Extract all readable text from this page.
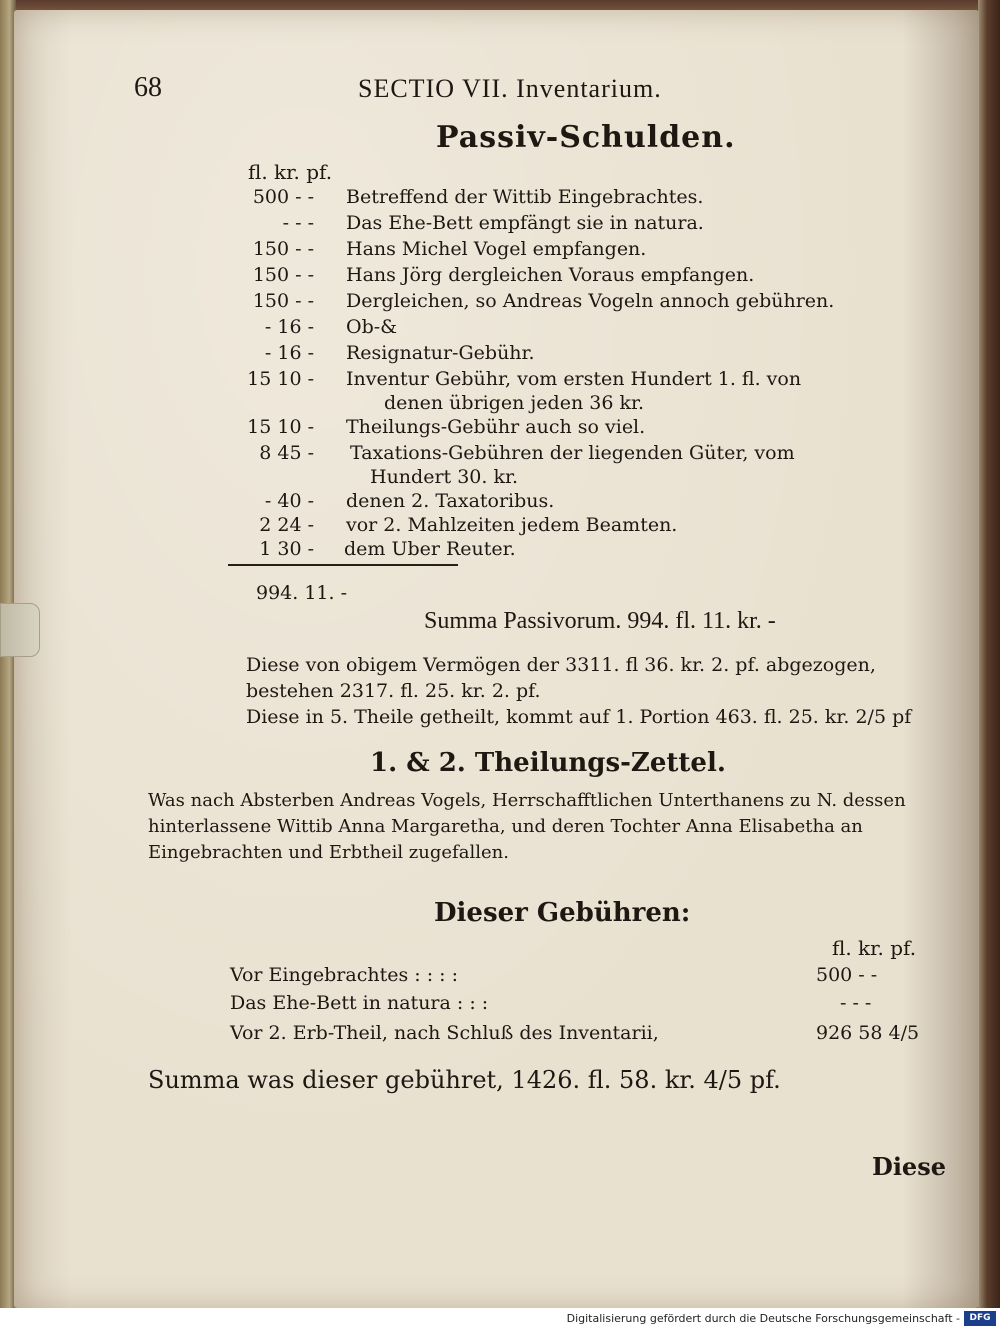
68	SECTIO VII. Inventarium.
Passiv-Schulden.
fl. kr. pf.
500 - - Betreffend der Wittib Eingebrachtes.
- - - Das Ehe-Bett empfängt sie in natura.
150 - - Hans Michel Vogel empfangen.
150 - - Hans Jörg dergleichen Voraus empfangen.
150 - - Dergleichen, so Andreas Vogeln annoch gebühren.
- 16 - Ob-&
- 16 - Resignatur-Gebühr.
15 10 - Inventur Gebühr, vom ersten Hundert 1. fl. von
denen übrigen jeden 36 kr.
15 10 - Theilungs-Gebühr auch so viel.
8 45 - Taxations-Gebühren der liegenden Güter, vom
Hundert 30. kr.
- 40 - denen 2. Taxatoribus.
2 24 - vor 2. Mahlzeiten jedem Beamten.
1 30 - dem Uber Reuter.
994. 11. -
Summa Passivorum. 994. fl. 11. kr. -
Diese von obigem Vermögen der 3311. fl 36. kr. 2. pf. abgezogen, bestehen 2317. fl. 25. kr. 2. pf.
Diese in 5. Theile getheilt, kommt auf 1. Portion 463. fl. 25. kr. 2/5 pf
1. & 2. Theilungs-Zettel.
Was nach Absterben Andreas Vogels, Herrschafftlichen Unterthanens zu N. dessen hinterlassene Wittib Anna Margaretha, und deren Tochter Anna Elisabetha an Eingebrachten und Erbtheil zugefallen.
Dieser Gebühren:
fl. kr. pf.
Vor Eingebrachtes : : : :	500 - -
Das Ehe-Bett in natura : : :	- - -
Vor 2. Erb-Theil, nach Schluß des Inventarii,	926 58 4/5
Summa was dieser gebühret, 1426. fl. 58. kr. 4/5 pf.
Diese
Digitalisierung gefördert durch die Deutsche Forschungsgemeinschaft -	DFG
